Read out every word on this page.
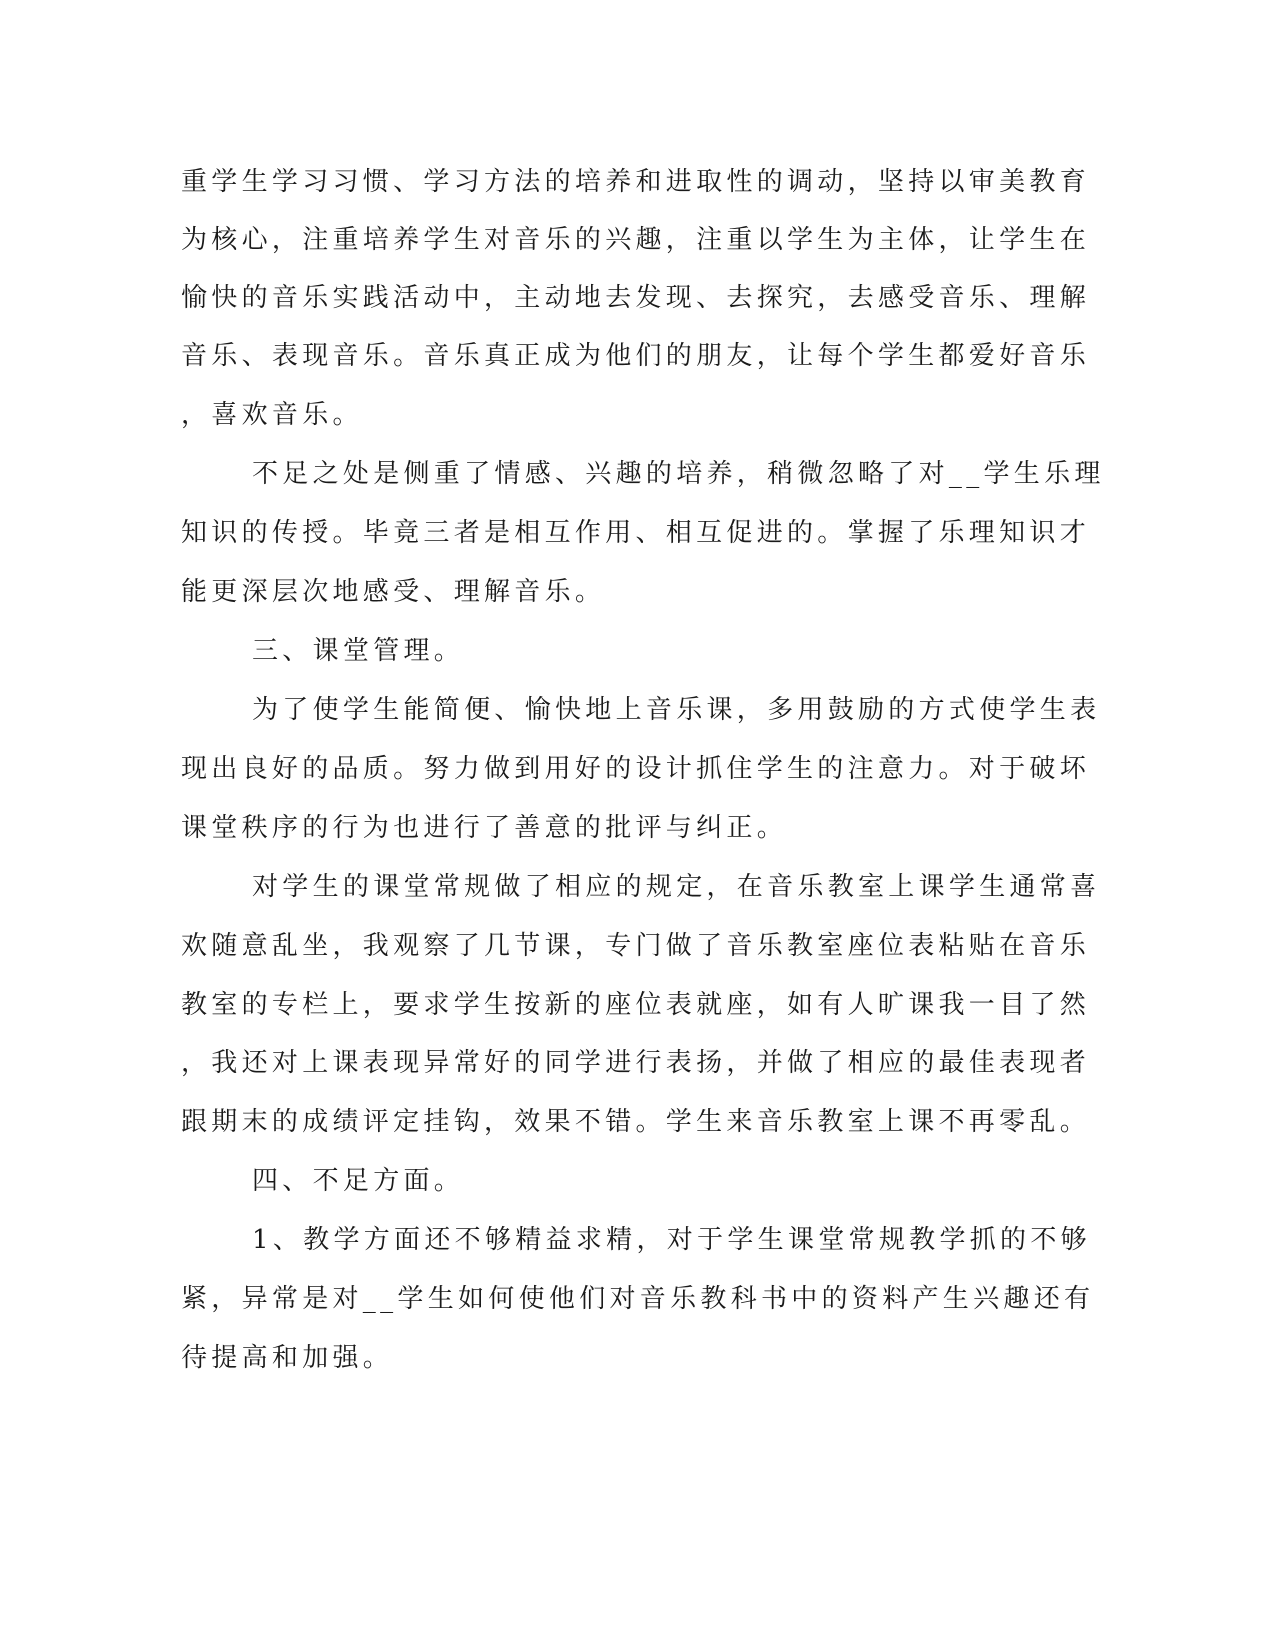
重学生学习习惯、学习方法的培养和进取性的调动，坚持以审美教育
为核心，注重培养学生对音乐的兴趣，注重以学生为主体，让学生在
愉快的音乐实践活动中，主动地去发现、去探究，去感受音乐、理解
音乐、表现音乐。音乐真正成为他们的朋友，让每个学生都爱好音乐
，喜欢音乐。
不足之处是侧重了情感、兴趣的培养，稍微忽略了对__学生乐理
知识的传授。毕竟三者是相互作用、相互促进的。掌握了乐理知识才
能更深层次地感受、理解音乐。
三、课堂管理。
为了使学生能简便、愉快地上音乐课，多用鼓励的方式使学生表
现出良好的品质。努力做到用好的设计抓住学生的注意力。对于破坏
课堂秩序的行为也进行了善意的批评与纠正。
对学生的课堂常规做了相应的规定，在音乐教室上课学生通常喜
欢随意乱坐，我观察了几节课，专门做了音乐教室座位表粘贴在音乐
教室的专栏上，要求学生按新的座位表就座，如有人旷课我一目了然
，我还对上课表现异常好的同学进行表扬，并做了相应的最佳表现者
跟期末的成绩评定挂钩，效果不错。学生来音乐教室上课不再零乱。
四、不足方面。
1、教学方面还不够精益求精，对于学生课堂常规教学抓的不够
紧，异常是对__学生如何使他们对音乐教科书中的资料产生兴趣还有
待提高和加强。
